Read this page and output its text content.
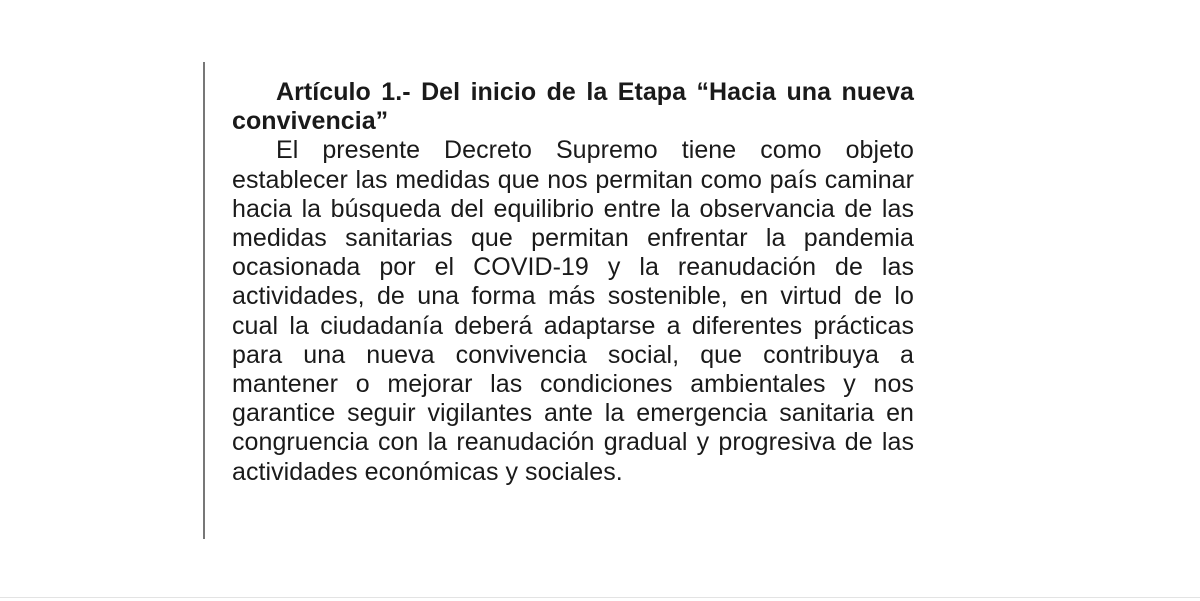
Artículo 1.- Del inicio de la Etapa “Hacia una nueva convivencia”

El presente Decreto Supremo tiene como objeto establecer las medidas que nos permitan como país caminar hacia la búsqueda del equilibrio entre la observancia de las medidas sanitarias que permitan enfrentar la pandemia ocasionada por el COVID-19 y la reanudación de las actividades, de una forma más sostenible, en virtud de lo cual la ciudadanía deberá adaptarse a diferentes prácticas para una nueva convivencia social, que contribuya a mantener o mejorar las condiciones ambientales y nos garantice seguir vigilantes ante la emergencia sanitaria en congruencia con la reanudación gradual y progresiva de las actividades económicas y sociales.
